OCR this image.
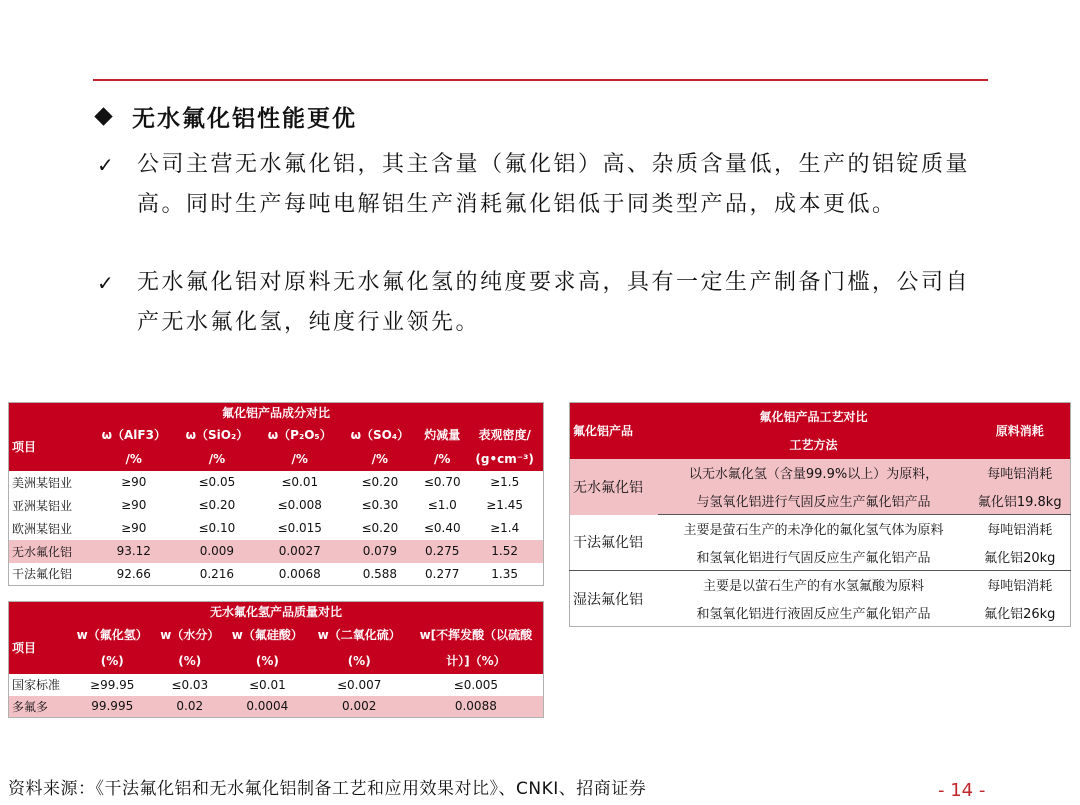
无水氟化铝性能更优
✓ 公司主营无水氟化铝，其主含量（氟化铝）高、杂质含量低，生产的铝锭质量高。同时生产每吨电解铝生产消耗氟化铝低于同类型产品，成本更低。
✓ 无水氟化铝对原料无水氟化氢的纯度要求高，具有一定生产制备门槛，公司自产无水氟化氢，纯度行业领先。
氟化铝产品成分对比						
项目	ω（AlF3）	ω（SiO₂）	ω（P₂O₅）	ω（SO₄）	灼减量	表观密度/
	/%	/%	/%	/%	/%	(g•cm⁻³)
美洲某铝业	≥90	≤0.05	≤0.01	≤0.20	≤0.70	≥1.5
亚洲某铝业	≥90	≤0.20	≤0.008	≤0.30	≤1.0	≥1.45
欧洲某铝业	≥90	≤0.10	≤0.015	≤0.20	≤0.40	≥1.4
无水氟化铝	93.12	0.009	0.0027	0.079	0.275	1.52
干法氟化铝	92.66	0.216	0.0068	0.588	0.277	1.35
无水氟化氢产品质量对比					
项目	w（氟化氢）	w（水分）	w（氟硅酸）	w（二氧化硫）	w[不挥发酸（以硫酸
	(%)	(%)	(%)	(%)	计）]（%）
国家标准	≥99.95	≤0.03	≤0.01	≤0.007	≤0.005
多氟多	99.995	0.02	0.0004	0.002	0.0088
氟化铝产品	氟化铝产品工艺对比	原料消耗
	工艺方法	
无水氟化铝	以无水氟化氢（含量99.9%以上）为原料，	每吨铝消耗
	与氢氧化铝进行气固反应生产氟化铝产品	氟化铝19.8kg
干法氟化铝	主要是萤石生产的未净化的氟化氢气体为原料	每吨铝消耗
	和氢氧化铝进行气固反应生产氟化铝产品	氟化铝20kg
湿法氟化铝	主要是以萤石生产的有水氢氟酸为原料	每吨铝消耗
	和氢氧化铝进行液固反应生产氟化铝产品	氟化铝26kg
资料来源：《干法氟化铝和无水氟化铝制备工艺和应用效果对比》、CNKI、招商证券	- 14 -
